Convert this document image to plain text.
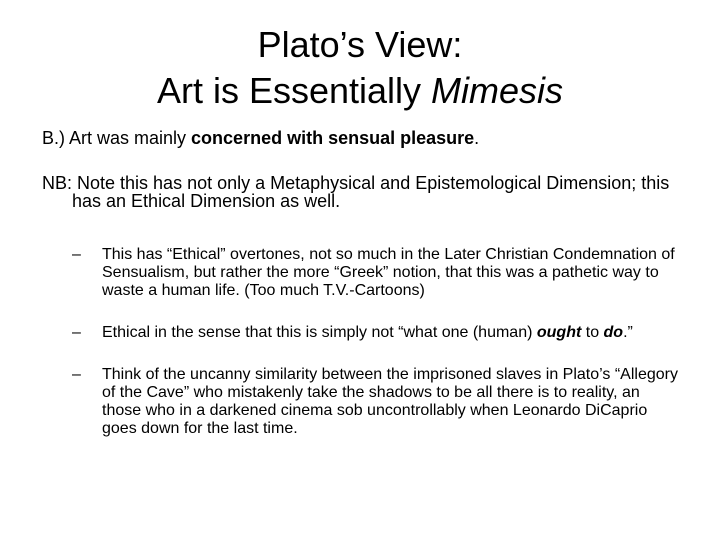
Plato’s View:
Art is Essentially Mimesis

B.) Art was mainly concerned with sensual pleasure.

NB: Note this has not only a Metaphysical and Epistemological Dimension; this has an Ethical Dimension as well.

– This has “Ethical” overtones, not so much in the Later Christian Condemnation of Sensualism, but rather the more “Greek” notion, that this was a pathetic way to waste a human life. (Too much T.V.-Cartoons)
– Ethical in the sense that this is simply not “what one (human) ought to do.”
– Think of the uncanny similarity between the imprisoned slaves in Plato’s “Allegory of the Cave” who mistakenly take the shadows to be all there is to reality, an those who in a darkened cinema sob uncontrollably when Leonardo DiCaprio goes down for the last time.
